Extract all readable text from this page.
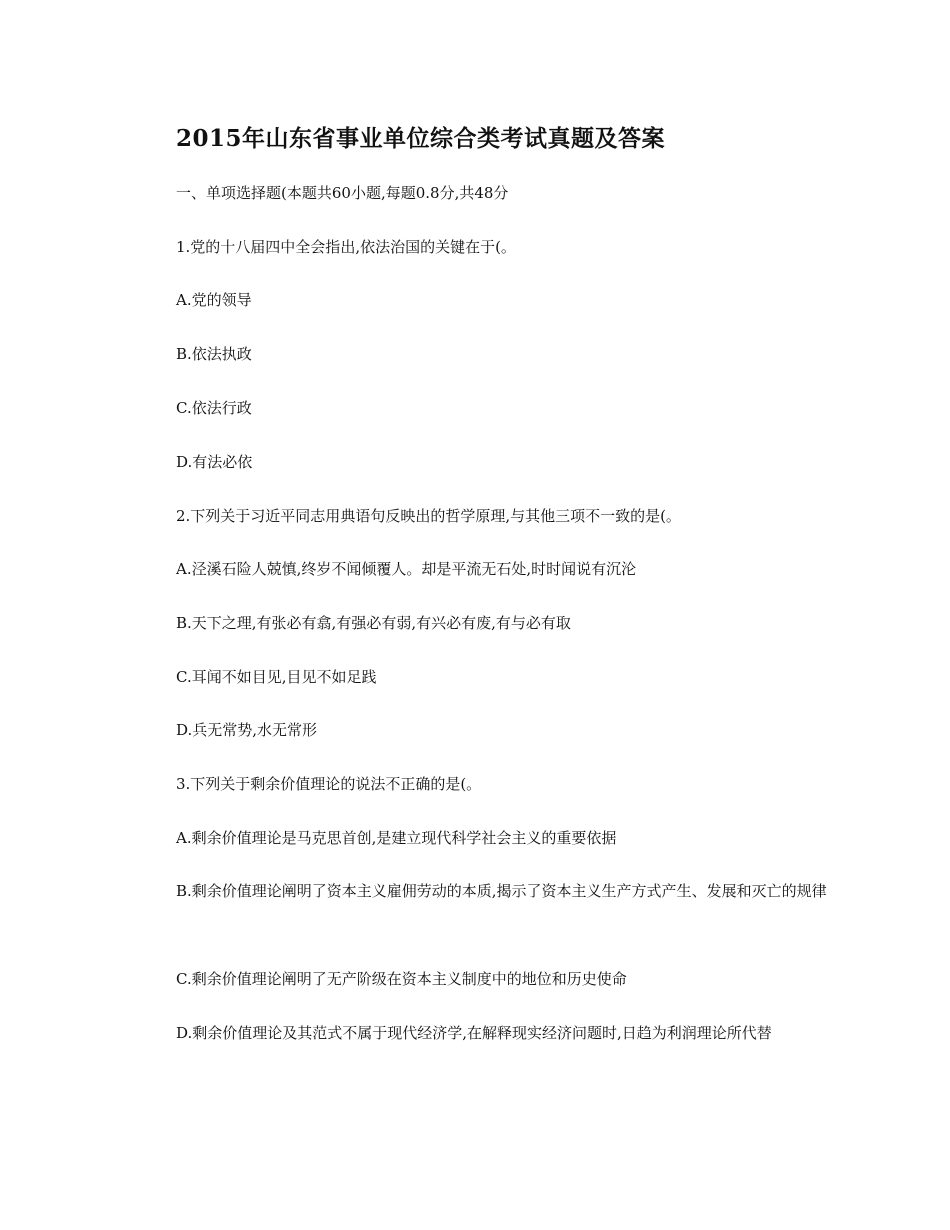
2015年山东省事业单位综合类考试真题及答案

一、单项选择题(本题共60小题,每题0.8分,共48分

1.党的十八届四中全会指出,依法治国的关键在于(。

A.党的领导

B.依法执政

C.依法行政

D.有法必依

2.下列关于习近平同志用典语句反映出的哲学原理,与其他三项不一致的是(。

A.泾溪石险人兢慎,终岁不闻倾覆人。却是平流无石处,时时闻说有沉沦

B.天下之理,有张必有翕,有强必有弱,有兴必有废,有与必有取

C.耳闻不如目见,目见不如足践

D.兵无常势,水无常形

3.下列关于剩余价值理论的说法不正确的是(。

A.剩余价值理论是马克思首创,是建立现代科学社会主义的重要依据

B.剩余价值理论阐明了资本主义雇佣劳动的本质,揭示了资本主义生产方式产生、发展和灭亡的规律

C.剩余价值理论阐明了无产阶级在资本主义制度中的地位和历史使命

D.剩余价值理论及其范式不属于现代经济学,在解释现实经济问题时,日趋为利润理论所代替
